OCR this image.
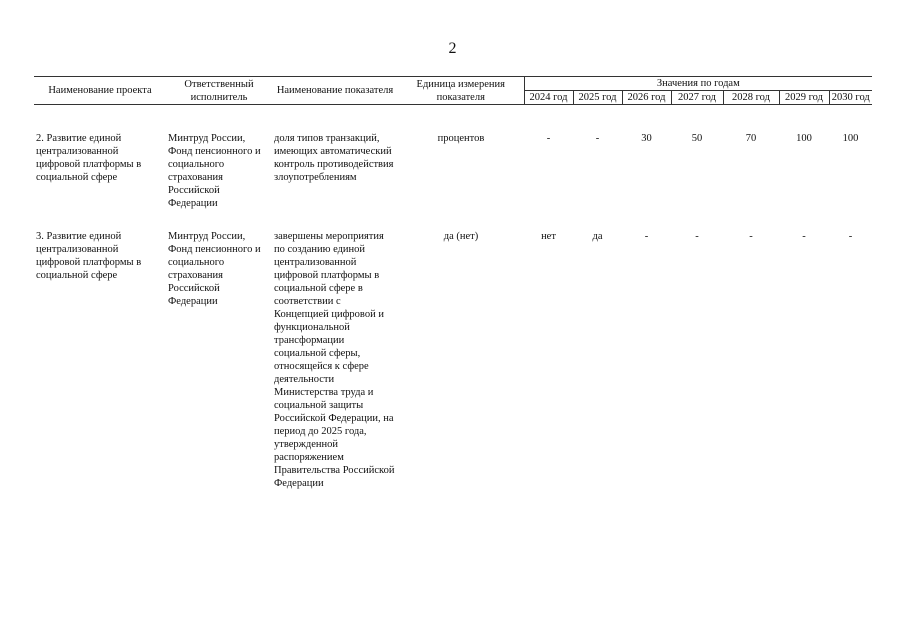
2
Наименование проекта	Ответственный исполнитель	Наименование показателя	Единица измерения показателя	Значения по годам						
				2024 год	2025 год	2026 год	2027 год	2028 год	2029 год	2030 год

2. Развитие единой централизованной цифровой платформы в социальной сфере	Минтруд России, Фонд пенсионного и социального страхования Российской Федерации	доля типов транзакций, имеющих автоматический контроль противодействия злоупотреблениям	процентов	-	-	30	50	70	100	100

3. Развитие единой централизованной цифровой платформы в социальной сфере	Минтруд России, Фонд пенсионного и социального страхования Российской Федерации	завершены мероприятия по созданию единой централизованной цифровой платформы в социальной сфере в соответствии с Концепцией цифровой и функциональной трансформации социальной сферы, относящейся к сфере деятельности Министерства труда и социальной защиты Российской Федерации, на период до 2025 года, утвержденной распоряжением Правительства Российской Федерации	да (нет)	нет	да	-	-	-	-	-
